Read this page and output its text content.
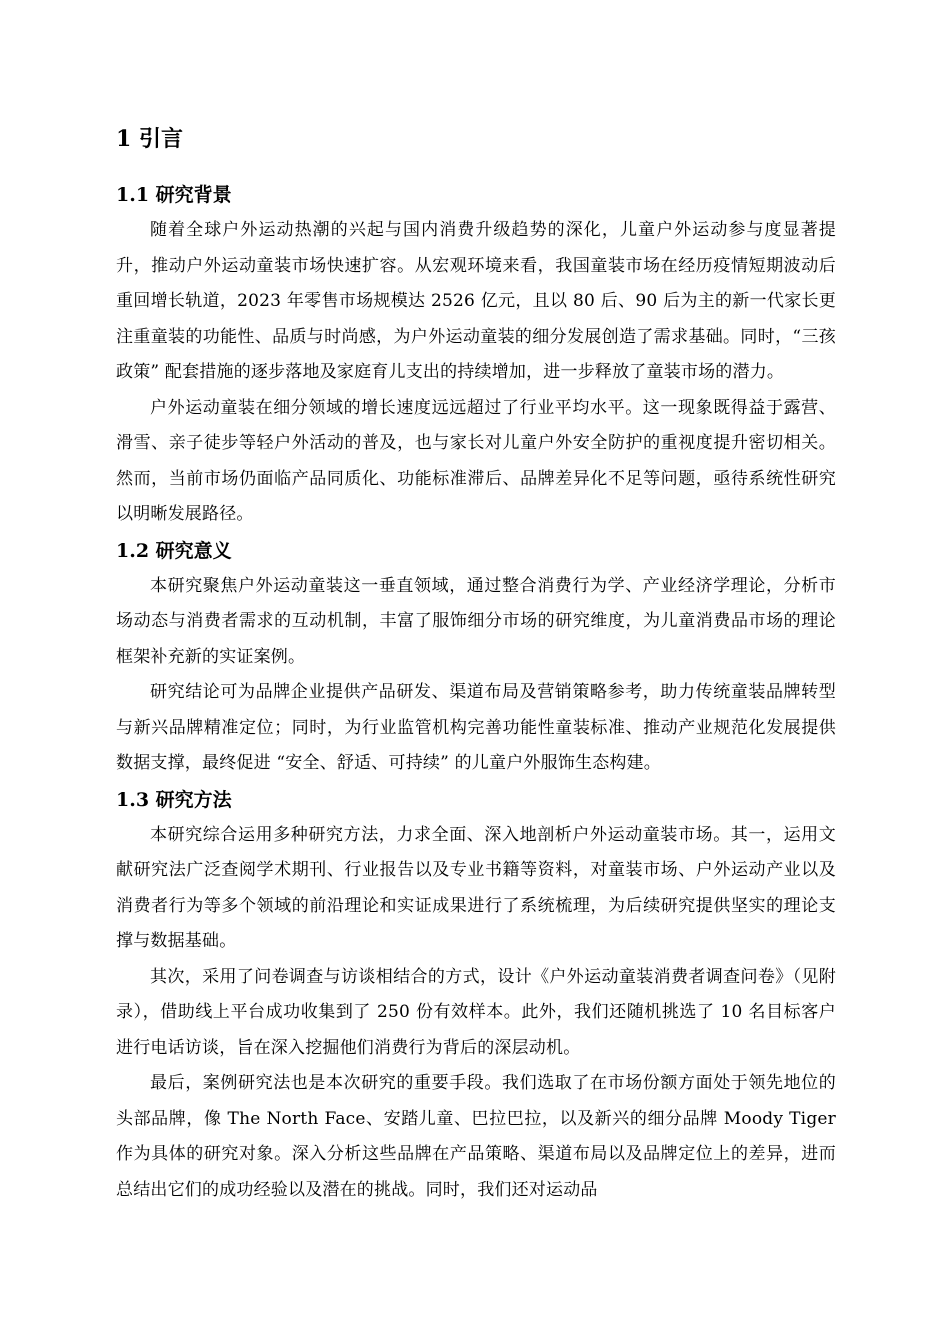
1 引言
1.1 研究背景

随着全球户外运动热潮的兴起与国内消费升级趋势的深化，儿童户外运动参与度显著提升，推动户外运动童装市场快速扩容。从宏观环境来看，我国童装市场在经历疫情短期波动后重回增长轨道，2023 年零售市场规模达 2526 亿元，且以 80 后、90 后为主的新一代家长更注重童装的功能性、品质与时尚感，为户外运动童装的细分发展创造了需求基础。同时，“三孩政策” 配套措施的逐步落地及家庭育儿支出的持续增加，进一步释放了童装市场的潜力。

户外运动童装在细分领域的增长速度远远超过了行业平均水平。这一现象既得益于露营、滑雪、亲子徒步等轻户外活动的普及，也与家长对儿童户外安全防护的重视度提升密切相关。然而，当前市场仍面临产品同质化、功能标准滞后、品牌差异化不足等问题，亟待系统性研究以明晰发展路径。

1.2 研究意义

本研究聚焦户外运动童装这一垂直领域，通过整合消费行为学、产业经济学理论，分析市场动态与消费者需求的互动机制，丰富了服饰细分市场的研究维度，为儿童消费品市场的理论框架补充新的实证案例。

研究结论可为品牌企业提供产品研发、渠道布局及营销策略参考，助力传统童装品牌转型与新兴品牌精准定位；同时，为行业监管机构完善功能性童装标准、推动产业规范化发展提供数据支撑，最终促进 “安全、舒适、可持续” 的儿童户外服饰生态构建。

1.3 研究方法

本研究综合运用多种研究方法，力求全面、深入地剖析户外运动童装市场。其一，运用文献研究法广泛查阅学术期刊、行业报告以及专业书籍等资料，对童装市场、户外运动产业以及消费者行为等多个领域的前沿理论和实证成果进行了系统梳理，为后续研究提供坚实的理论支撑与数据基础。

其次，采用了问卷调查与访谈相结合的方式，设计《户外运动童装消费者调查问卷》（见附录），借助线上平台成功收集到了 250 份有效样本。此外，我们还随机挑选了 10 名目标客户进行电话访谈，旨在深入挖掘他们消费行为背后的深层动机。

最后，案例研究法也是本次研究的重要手段。我们选取了在市场份额方面处于领先地位的头部品牌，像 The North Face、安踏儿童、巴拉巴拉，以及新兴的细分品牌 Moody Tiger 作为具体的研究对象。深入分析这些品牌在产品策略、渠道布局以及品牌定位上的差异，进而总结出它们的成功经验以及潜在的挑战。同时，我们还对运动品
